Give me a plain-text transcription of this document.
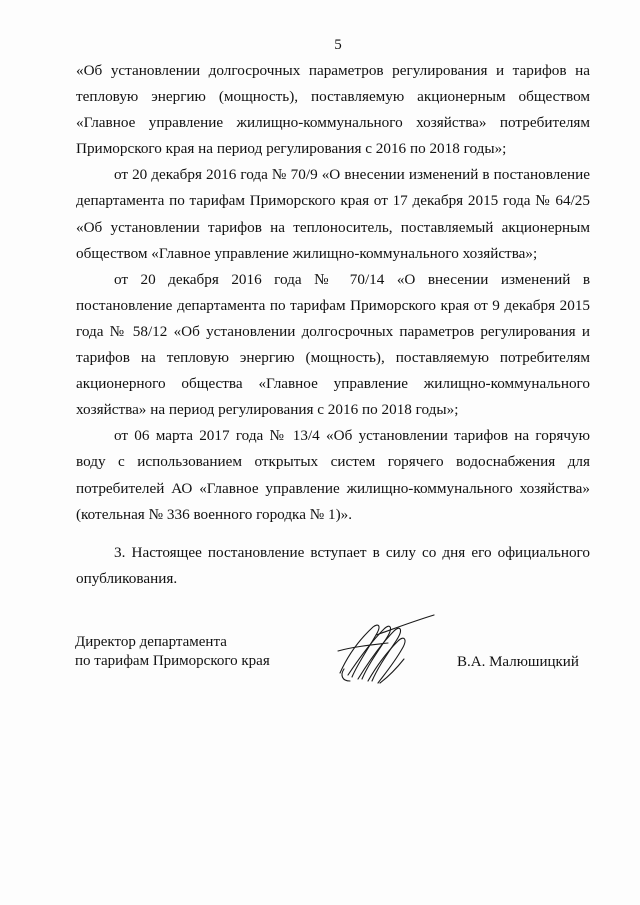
5

«Об установлении долгосрочных параметров регулирования и тарифов на тепловую энергию (мощность), поставляемую акционерным обществом «Главное управление жилищно-коммунального хозяйства» потребителям Приморского края на период регулирования с 2016 по 2018 годы»;

от 20 декабря 2016 года № 70/9 «О внесении изменений в постановление департамента по тарифам Приморского края от 17 декабря 2015 года № 64/25 «Об установлении тарифов на теплоноситель, поставляемый акционерным обществом «Главное управление жилищно-коммунального хозяйства»;

от 20 декабря 2016 года № 70/14 «О внесении изменений в постановление департамента по тарифам Приморского края от 9 декабря 2015 года № 58/12 «Об установлении долгосрочных параметров регулирования и тарифов на тепловую энергию (мощность), поставляемую потребителям акционерного общества «Главное управление жилищно-коммунального хозяйства» на период регулирования с 2016 по 2018 годы»;

от 06 марта 2017 года № 13/4 «Об установлении тарифов на горячую воду с использованием открытых систем горячего водоснабжения для потребителей АО «Главное управление жилищно-коммунального хозяйства» (котельная № 336 военного городка № 1)».

3. Настоящее постановление вступает в силу со дня его официального опубликования.

Директор департамента
по тарифам Приморского края	В.А. Малюшицкий
